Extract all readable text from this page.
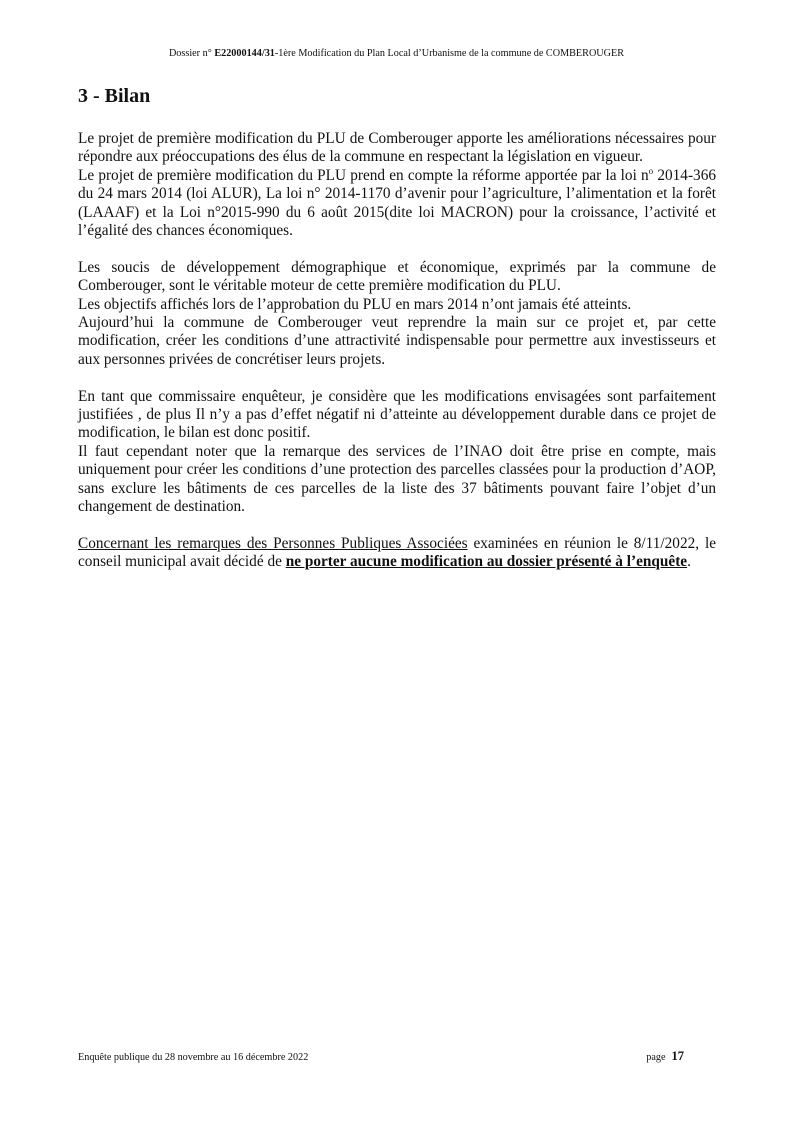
Dossier n° E22000144/31-1ère Modification du Plan Local d’Urbanisme de la commune de COMBEROUGER
3 - Bilan

Le projet de première modification du PLU de Comberouger apporte les améliorations nécessaires pour répondre aux préoccupations des élus de la commune en respectant la législation en vigueur.

Le projet de première modification du PLU prend en compte la réforme apportée par la loi $n^o$ 2014-366 du 24 mars 2014 (loi ALUR), La loi n° 2014-1170 d’avenir pour l’agriculture, l’alimentation et la forêt (LAAAF) et la Loi n°2015-990 du 6 août 2015(dite loi MACRON) pour la croissance, l’activité et l’égalité des chances économiques.

Les soucis de développement démographique et économique, exprimés par la commune de Comberouger, sont le véritable moteur de cette première modification du PLU.

Les objectifs affichés lors de l’approbation du PLU en mars 2014 n’ont jamais été atteints.

Aujourd’hui la commune de Comberouger veut reprendre la main sur ce projet et, par cette modification, créer les conditions d’une attractivité indispensable pour permettre aux investisseurs et aux personnes privées de concrétiser leurs projets.

En tant que commissaire enquêteur, je considère que les modifications envisagées sont parfaitement justifiées , de plus Il n’y a pas d’effet négatif ni d’atteinte au développement durable dans ce projet de modification, le bilan est donc positif.

Il faut cependant noter que la remarque des services de l’INAO doit être prise en compte, mais uniquement pour créer les conditions d’une protection des parcelles classées pour la production d’AOP, sans exclure les bâtiments de ces parcelles de la liste des 37 bâtiments pouvant faire l’objet d’un changement de destination.

Concernant les remarques des Personnes Publiques Associées examinées en réunion le 8/11/2022, le conseil municipal avait décidé de ne porter aucune modification au dossier présenté à l’enquête.

Enquête publique du 28 novembre au 16 décembre 2022	page 17
